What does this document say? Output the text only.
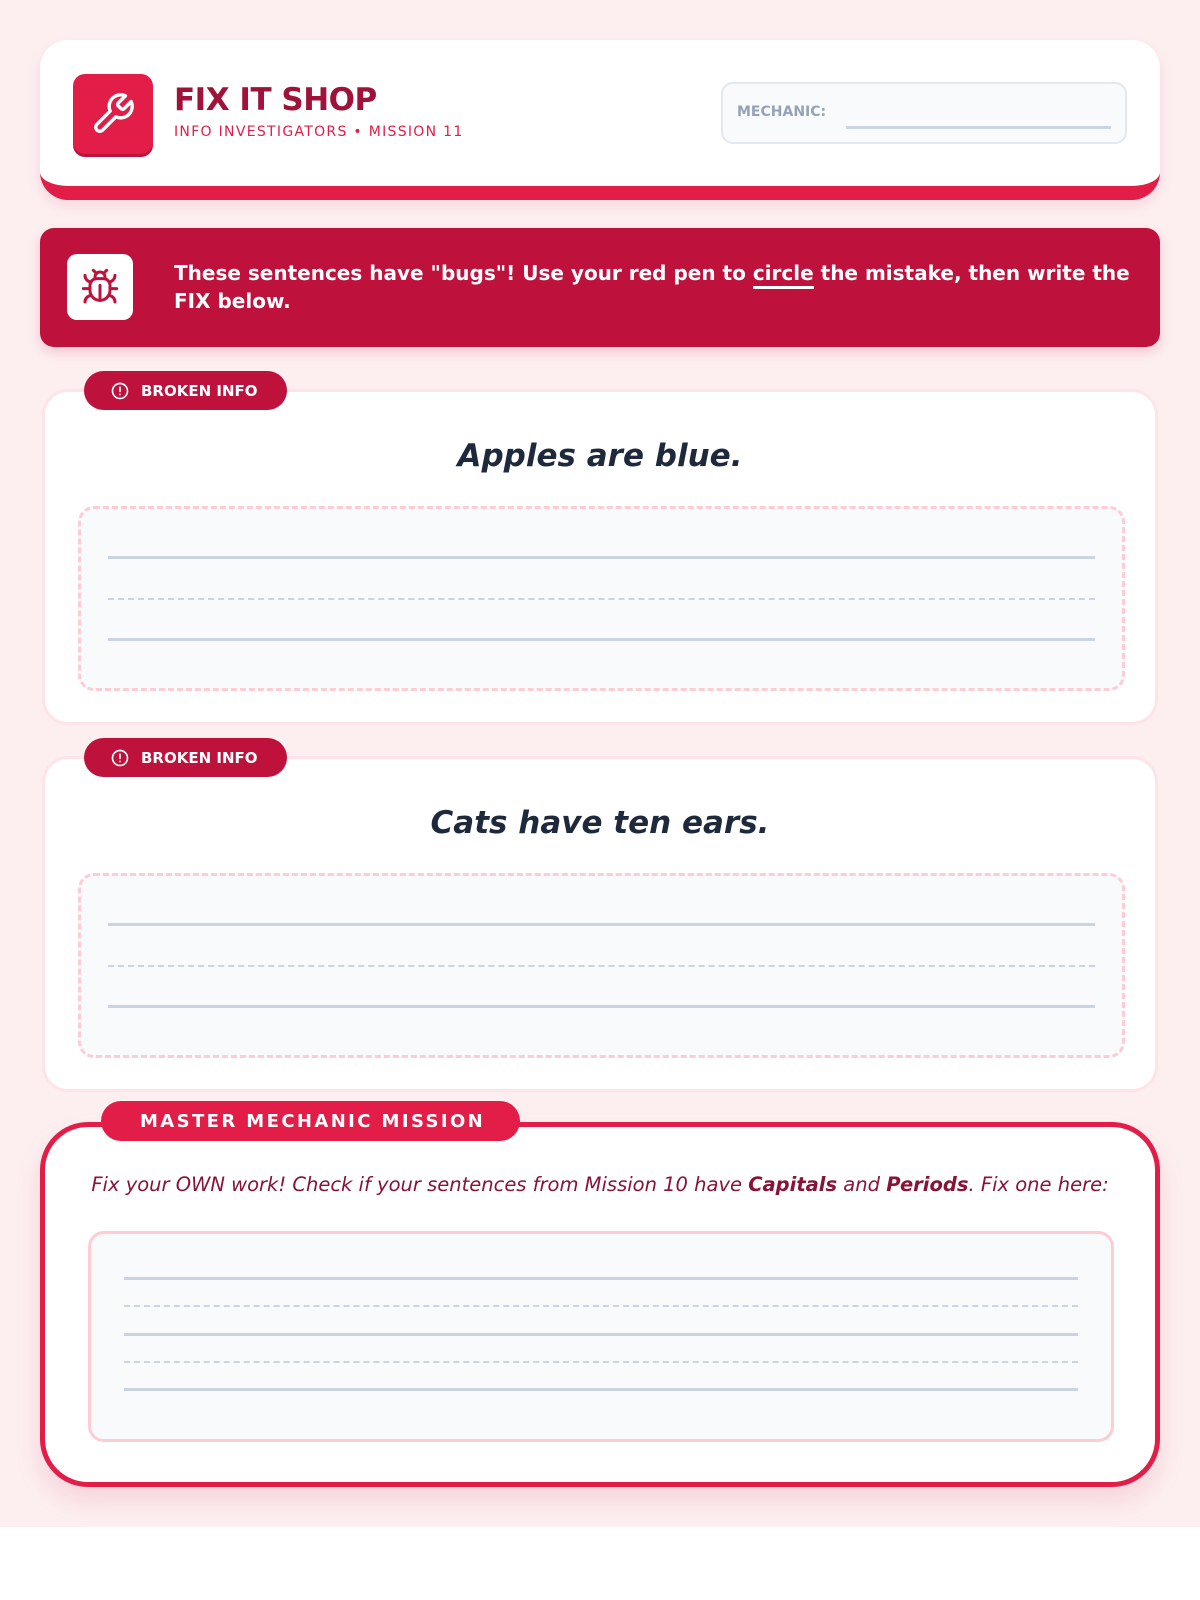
FIX IT SHOP
INFO INVESTIGATORS • MISSION 11
MECHANIC:
These sentences have "bugs"! Use your red pen to circle the mistake, then write the FIX below.
Apples are blue.
BROKEN INFO
Cats have ten ears.
BROKEN INFO
Fix your OWN work! Check if your sentences from Mission 10 have Capitals and Periods. Fix one here:
MASTER MECHANIC MISSION
